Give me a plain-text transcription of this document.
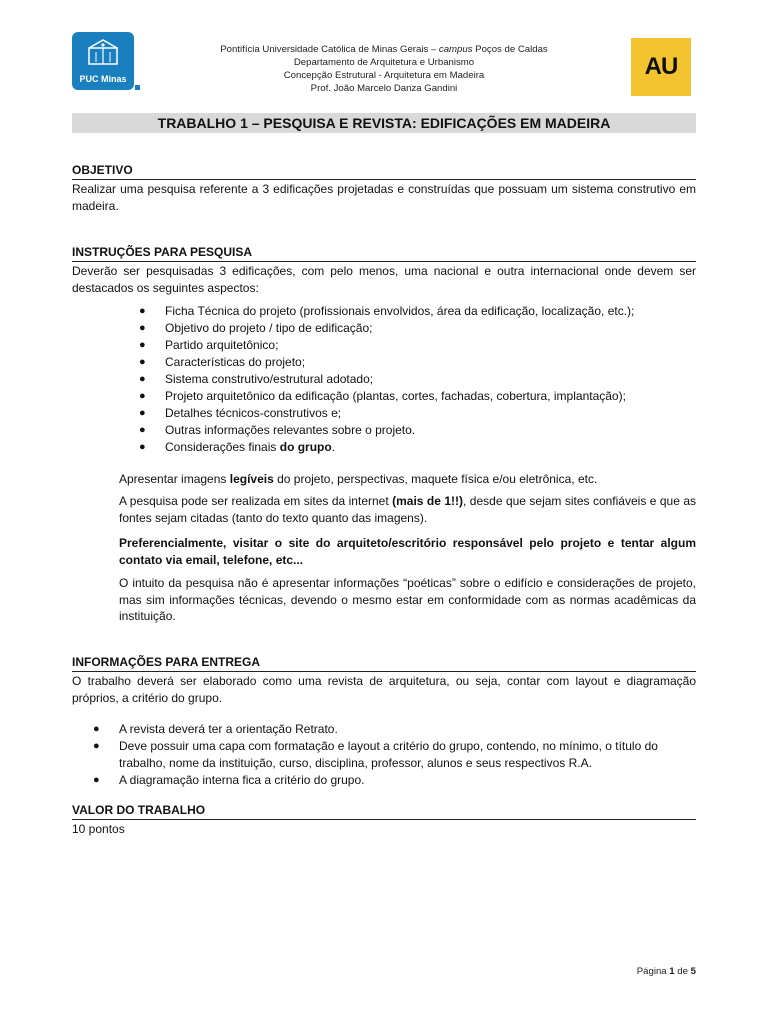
PUC Minas
Pontifícia Universidade Católica de Minas Gerais – campus Poços de Caldas
Departamento de Arquitetura e Urbanismo
Concepção Estrutural - Arquitetura em Madeira
Prof. João Marcelo Danza Gandini
AU
TRABALHO 1 – PESQUISA E REVISTA: EDIFICAÇÕES EM MADEIRA
OBJETIVO
Realizar uma pesquisa referente a 3 edificações projetadas e construídas que possuam um sistema construtivo em madeira.
INSTRUÇÕES PARA PESQUISA
Deverão ser pesquisadas 3 edificações, com pelo menos, uma nacional e outra internacional onde devem ser destacados os seguintes aspectos:
● Ficha Técnica do projeto (profissionais envolvidos, área da edificação, localização, etc.);
● Objetivo do projeto / tipo de edificação;
● Partido arquitetônico;
● Características do projeto;
● Sistema construtivo/estrutural adotado;
● Projeto arquitetônico da edificação (plantas, cortes, fachadas, cobertura, implantação);
● Detalhes técnicos-construtivos e;
● Outras informações relevantes sobre o projeto.
● Considerações finais do grupo.
Apresentar imagens legíveis do projeto, perspectivas, maquete física e/ou eletrônica, etc.
A pesquisa pode ser realizada em sites da internet (mais de 1!!), desde que sejam sites confiáveis e que as fontes sejam citadas (tanto do texto quanto das imagens).
Preferencialmente, visitar o site do arquiteto/escritório responsável pelo projeto e tentar algum contato via email, telefone, etc...
O intuito da pesquisa não é apresentar informações “poéticas” sobre o edifício e considerações de projeto, mas sim informações técnicas, devendo o mesmo estar em conformidade com as normas acadêmicas da instituição.
INFORMAÇÕES PARA ENTREGA
O trabalho deverá ser elaborado como uma revista de arquitetura, ou seja, contar com layout e diagramação próprios, a critério do grupo.
● A revista deverá ter a orientação Retrato.
● Deve possuir uma capa com formatação e layout a critério do grupo, contendo, no mínimo, o título do trabalho, nome da instituição, curso, disciplina, professor, alunos e seus respectivos R.A.
● A diagramação interna fica a critério do grupo.
VALOR DO TRABALHO
10 pontos
Página 1 de 5
